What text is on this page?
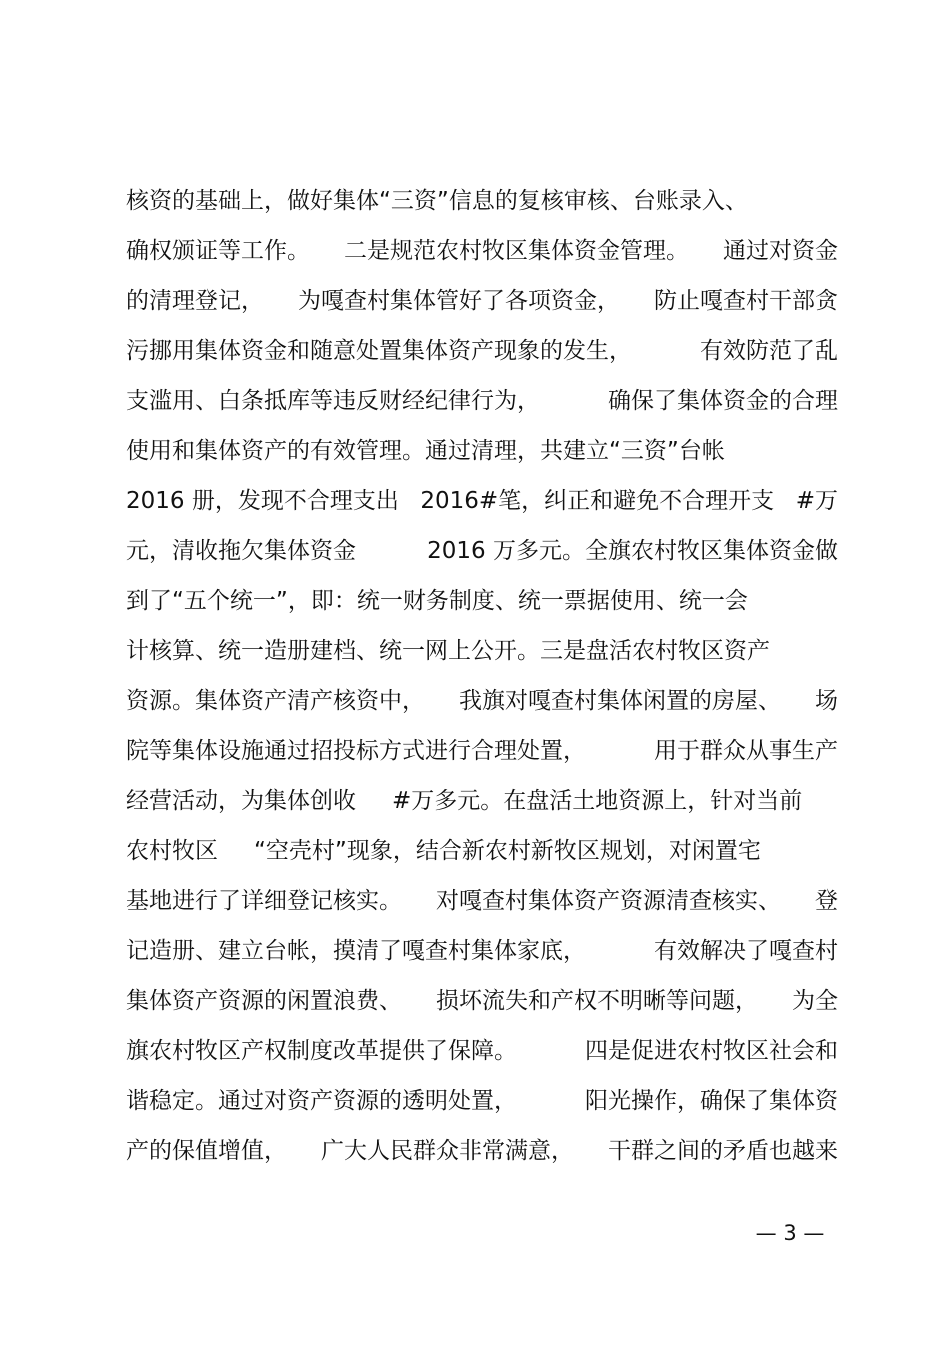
核资的基础上，做好集体“三资”信息的复核审核、台账录入、
确权颁证等工作。 二是规范农村牧区集体资金管理。 通过对资金
的清理登记， 为嘎查村集体管好了各项资金， 防止嘎查村干部贪
污挪用集体资金和随意处置集体资产现象的发生，	有效防范了乱
支滥用、白条抵库等违反财经纪律行为，	确保了集体资金的合理
使用和集体资产的有效管理。通过清理，共建立“三资”台帐
2016 册，发现不合理支出 2016#笔，纠正和避免不合理开支 #万
元，清收拖欠集体资金	2016 万多元。全旗农村牧区集体资金做
到了“五个统一”，即：统一财务制度、统一票据使用、统一会
计核算、统一造册建档、统一网上公开。三是盘活农村牧区资产
资源。集体资产清产核资中， 我旗对嘎查村集体闲置的房屋、 场
院等集体设施通过招投标方式进行合理处置，	用于群众从事生产
经营活动，为集体创收 #万多元。在盘活土地资源上，针对当前
农村牧区 “空壳村”现象，结合新农村新牧区规划，对闲置宅
基地进行了详细登记核实。 对嘎查村集体资产资源清查核实、 登
记造册、建立台帐，摸清了嘎查村集体家底，	有效解决了嘎查村
集体资产资源的闲置浪费、 损坏流失和产权不明晰等问题， 为全
旗农村牧区产权制度改革提供了保障。	四是促进农村牧区社会和
谐稳定。通过对资产资源的透明处置，	阳光操作，确保了集体资
产的保值增值， 广大人民群众非常满意， 干群之间的矛盾也越来
— 3 —
